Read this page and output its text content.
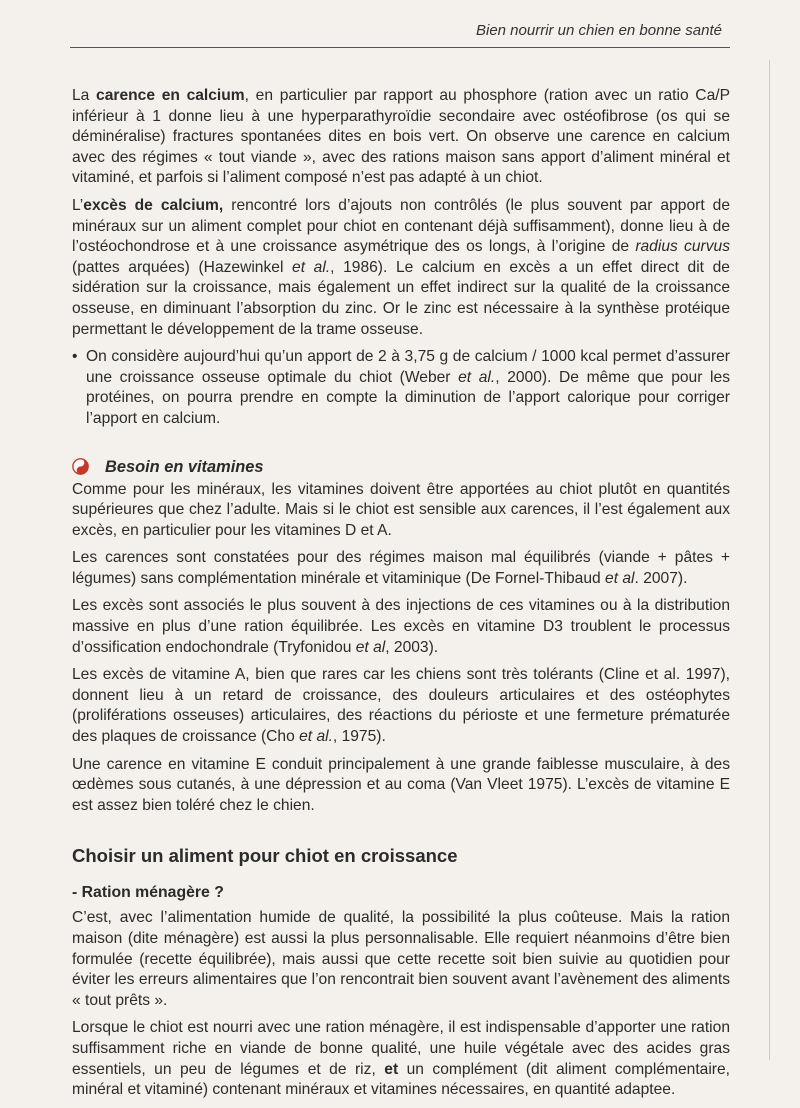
Bien nourrir un chien en bonne santé

La carence en calcium, en particulier par rapport au phosphore (ration avec un ratio Ca/P inférieur à 1 donne lieu à une hyperparathyroïdie secondaire avec ostéofibrose (os qui se déminéralise) fractures spontanées dites en bois vert. On observe une carence en calcium avec des régimes « tout viande », avec des rations maison sans apport d’aliment minéral et vitaminé, et parfois si l’aliment composé n’est pas adapté à un chiot.

L’excès de calcium, rencontré lors d’ajouts non contrôlés (le plus souvent par apport de minéraux sur un aliment complet pour chiot en contenant déjà suffisamment), donne lieu à de l’ostéochondrose et à une croissance asymétrique des os longs, à l’origine de radius curvus (pattes arquées) (Hazewinkel et al., 1986). Le calcium en excès a un effet direct dit de sidération sur la croissance, mais également un effet indirect sur la qualité de la croissance osseuse, en diminuant l’absorption du zinc. Or le zinc est nécessaire à la synthèse protéique permettant le développement de la trame osseuse.

• On considère aujourd’hui qu’un apport de 2 à 3,75 g de calcium / 1000 kcal permet d’assurer une croissance osseuse optimale du chiot (Weber et al., 2000). De même que pour les protéines, on pourra prendre en compte la diminution de l’apport calorique pour corriger l’apport en calcium.

Besoin en vitamines

Comme pour les minéraux, les vitamines doivent être apportées au chiot plutôt en quantités supérieures que chez l’adulte. Mais si le chiot est sensible aux carences, il l’est également aux excès, en particulier pour les vitamines D et A.

Les carences sont constatées pour des régimes maison mal équilibrés (viande + pâtes + légumes) sans complémentation minérale et vitaminique (De Fornel-Thibaud et al. 2007).

Les excès sont associés le plus souvent à des injections de ces vitamines ou à la distribution massive en plus d’une ration équilibrée. Les excès en vitamine D3 troublent le processus d’ossification endochondrale (Tryfonidou et al, 2003).

Les excès de vitamine A, bien que rares car les chiens sont très tolérants (Cline et al. 1997), donnent lieu à un retard de croissance, des douleurs articulaires et des ostéophytes (proliférations osseuses) articulaires, des réactions du périoste et une fermeture prématurée des plaques de croissance (Cho et al., 1975).

Une carence en vitamine E conduit principalement à une grande faiblesse musculaire, à des œdèmes sous cutanés, à une dépression et au coma (Van Vleet 1975). L’excès de vitamine E est assez bien toléré chez le chien.

Choisir un aliment pour chiot en croissance
- Ration ménagère ?

C’est, avec l’alimentation humide de qualité, la possibilité la plus coûteuse. Mais la ration maison (dite ménagère) est aussi la plus personnalisable. Elle requiert néanmoins d’être bien formulée (recette équilibrée), mais aussi que cette recette soit bien suivie au quotidien pour éviter les erreurs alimentaires que l’on rencontrait bien souvent avant l’avènement des aliments « tout prêts ».

Lorsque le chiot est nourri avec une ration ménagère, il est indispensable d’apporter une ration suffisamment riche en viande de bonne qualité, une huile végétale avec des acides gras essentiels, un peu de légumes et de riz, et un complément (dit aliment complémentaire, minéral et vitaminé) contenant minéraux et vitamines nécessaires, en quantité adaptee.
